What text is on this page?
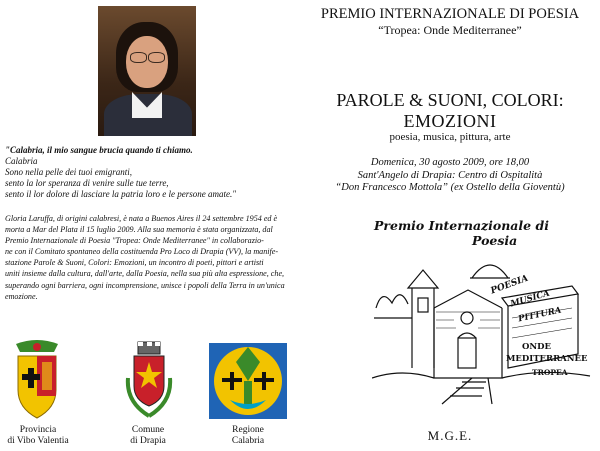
"Calabria, il mio sangue brucia quando ti chiamo.
Calabria
Sono nella pelle dei tuoi emigranti,
sento la lor speranza di venire sulle tue terre,
sento il lor dolore di lasciare la patria loro e le persone amate."
Gloria Laruffa, di origini calabresi, è nata a Buenos Aires il 24 settembre 1954 ed è
morta a Mar del Plata il 15 luglio 2009. Alla sua memoria è stata organizzata, dal
Premio Internazionale di Poesia "Tropea: Onde Mediterranee" in collaborazio-
ne con il Comitato spontaneo della costituenda Pro Loco di Drapia (VV), la manife-
stazione Parole & Suoni, Colori: Emozioni, un incontro di poeti, pittori e artisti
uniti insieme dalla cultura, dall'arte, dalla Poesia, nella sua più alta espressione, che,
superando ogni barriera, ogni incomprensione, unisce i popoli della Terra in un'unica
emozione.
Provincia
di Vibo Valentia
Comune
di Drapia
Regione
Calabria
PREMIO INTERNAZIONALE DI POESIA
“Tropea: Onde Mediterranee”
PAROLE & SUONI, COLORI:
EMOZIONI
poesia, musica, pittura, arte
Domenica, 30 agosto 2009, ore 18,00
Sant'Angelo di Drapia: Centro di Ospitalità
“Don Francesco Mottola” (ex Ostello della Gioventù)
Premio Internazionale di
Poesia
POESIA
MUSICA
PITTURA
ONDE
MEDITERRANEE
TROPEA
M.G.E.
